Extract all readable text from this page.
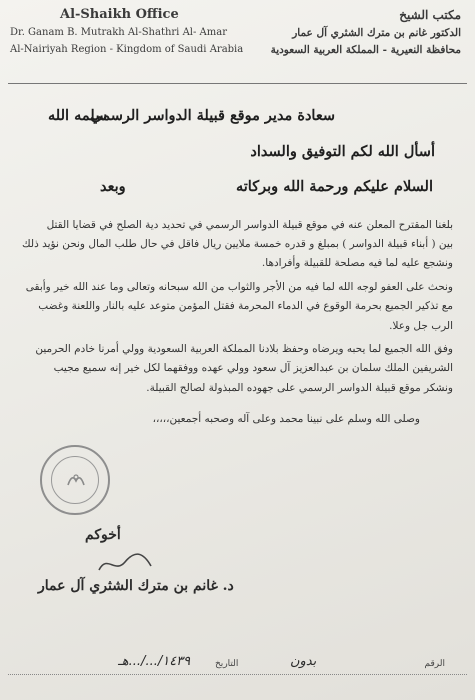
Al-Shaikh Office
Dr. Ganam B. Mutrakh Al-Shathri Al- Amar
Al-Nairiyah Region - Kingdom of Saudi Arabia
مكتب الشيخ
الدكتور غانم بن مترك الشثري آل عمار
محافظة النعيرية - المملكة العربية السعودية
سعادة مدير موقع قبيلة الدواسر الرسمي
سلمه الله
أسأل الله لكم التوفيق والسداد
السلام عليكم ورحمة الله وبركاته
وبعد
بلغنا المقترح المعلن عنه في موقع قبيلة الدواسر الرسمي في تحديد دية الصلح في قضايا القتل
بين ( أبناء قبيلة الدواسر ) بمبلغ و قدره خمسة ملايين ريال فاقل في حال طلب المال ونحن نؤيد ذلك
ونشجع عليه لما فيه مصلحة للقبيلة وأفرادها.
ونحث على العفو لوجه الله لما فيه من الأجر والثواب من الله سبحانه وتعالى وما عند الله خير وأبقى
مع تذكير الجميع بحرمة الوقوع في الدماء المحرمة فقتل المؤمن متوعد عليه بالنار واللعنة وغضب
الرب جل وعلا.
وفق الله الجميع لما يحبه ويرضاه وحفظ بلادنا المملكة العربية السعودية وولي أمرنا خادم الحرمين
الشريفين الملك سلمان بن عبدالعزيز آل سعود وولي عهده ووفقهما لكل خير إنه سميع مجيب
ونشكر موقع قبيلة الدواسر الرسمي على جهوده المبذولة لصالح القبيلة.
وصلى الله وسلم على نبينا محمد وعلى آله وصحبه أجمعين،،،،،
أخوكم
د. غانم بن مترك الشثري آل عمار
الرقم
بدون
التاريخ
١٤٣٩/.../...هـ
